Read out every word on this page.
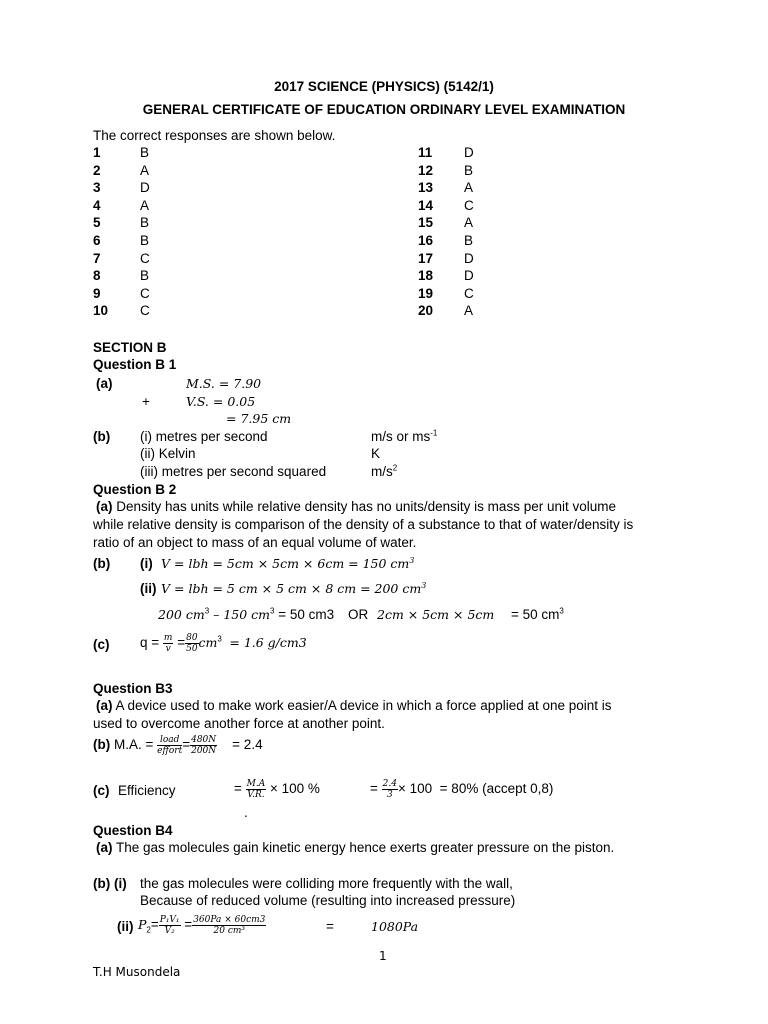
2017 SCIENCE (PHYSICS) (5142/1)
GENERAL CERTIFICATE OF EDUCATION ORDINARY LEVEL EXAMINATION
The correct responses are shown below.
1	B
2	A
3	D
4	A
5	B
6	B
7	C
8	B
9	C
10 C
11 D
12 B
13 A
14 C
15 A
16 B
17 D
18 D
19 C
20 A
SECTION B
Question B 1
(a)	M.S. = 7.90
+	V.S. = 0.05
= 7.95 cm
(b) (i) metres per second	m/s or $ms^{-1}$
(ii) Kelvin	K
(iii) metres per second squared	$m/s^2$
Question B 2
(a) Density has units while relative density has no units/density is mass per unit volume
while relative density is comparison of the density of a substance to that of water/density is
ratio of an object to mass of an equal volume of water.
(b) (i) V = lbh = 5cm × 5cm × 6cm = 150 $cm^3$
(ii) V = lbh = 5 cm × 5 cm × 8 cm = 200 $cm^3$
200 $cm^3 - 150$ $cm^3 = 50$ cm3 OR 2cm × 5cm × 5cm = 50 $cm^3$
(c) $q = \frac{m}{v} = \frac{80}{50} cm^3 = 1.6$ g/cm3
Question B3
(a) A device used to make work easier/A device in which a force applied at one point is
used to overcome another force at another point.
(b) M.A. = $\frac{\text{load}}{\text{effort}} = \frac{480N}{200N} = 2.4$
(c) Efficiency	= $\frac{M.A}{V.R.} \times 100$ %	= $\frac{2.4}{3} \times 100 = 80\%$ (accept 0,8)
.
Question B4
(a) The gas molecules gain kinetic energy hence exerts greater pressure on the piston.
(b) (i) the gas molecules were colliding more frequently with the wall,
Because of reduced volume (resulting into increased pressure)
(ii) $P_2= \frac{\text{P₁V₁}}{\text{V₂}} = \frac{360Pa \times 60cm3}{\text{20 cm³}}$	=	1080Pa
1
T.H Musondela
